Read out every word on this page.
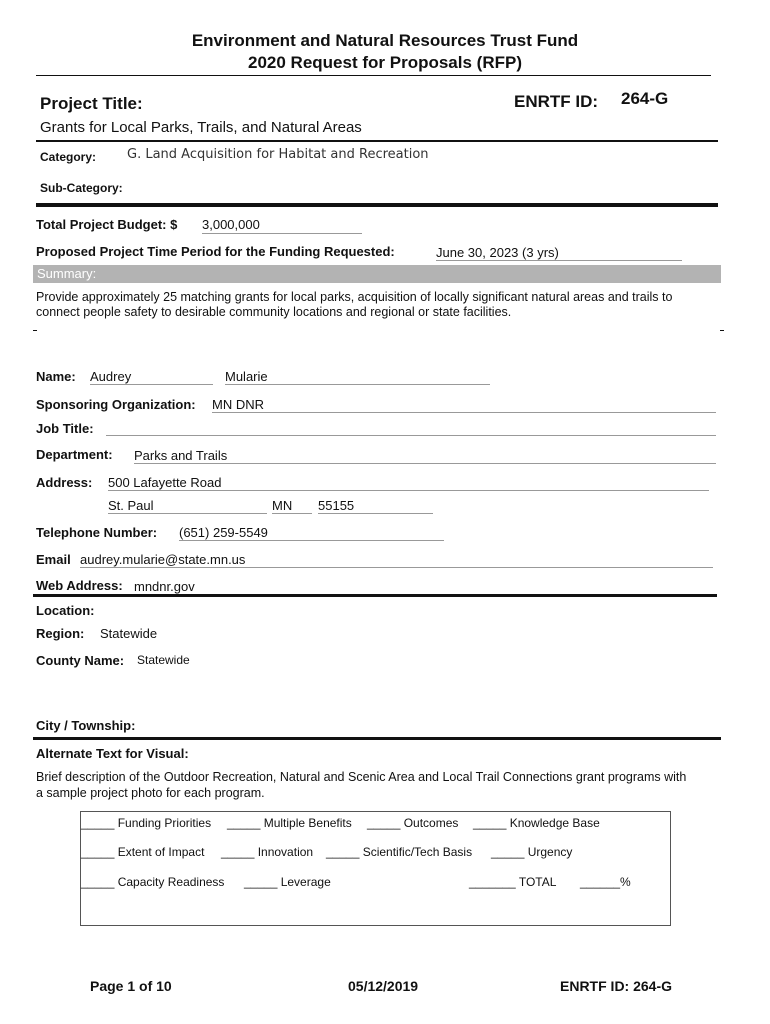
Environment and Natural Resources Trust Fund
2020 Request for Proposals (RFP)
Project Title:	ENRTF ID: 264-G
Grants for Local Parks, Trails, and Natural Areas
Category: G. Land Acquisition for Habitat and Recreation
Sub-Category:
Total Project Budget: $ 3,000,000
Proposed Project Time Period for the Funding Requested:	June 30, 2023 (3 yrs)
Summary:
Provide approximately 25 matching grants for local parks, acquisition of locally significant natural areas and trails to connect people safety to desirable community locations and regional or state facilities.
Name: Audrey	Mularie
Sponsoring Organization: MN DNR
Job Title:
Department: Parks and Trails
Address: 500 Lafayette Road
St. Paul	MN	55155
Telephone Number: (651) 259-5549
Email audrey.mularie@state.mn.us
Web Address: mndnr.gov
Location:
Region: Statewide
County Name: Statewide
City / Township:
Alternate Text for Visual:
Brief description of the Outdoor Recreation, Natural and Scenic Area and Local Trail Connections grant programs with a sample project photo for each program.
_____ Funding Priorities _____ Multiple Benefits _____ Outcomes _____ Knowledge Base
_____ Extent of Impact _____ Innovation _____ Scientific/Tech Basis _____ Urgency
_____ Capacity Readiness _____ Leverage	_______ TOTAL ______%
Page 1 of 10	05/12/2019	ENRTF ID: 264-G
